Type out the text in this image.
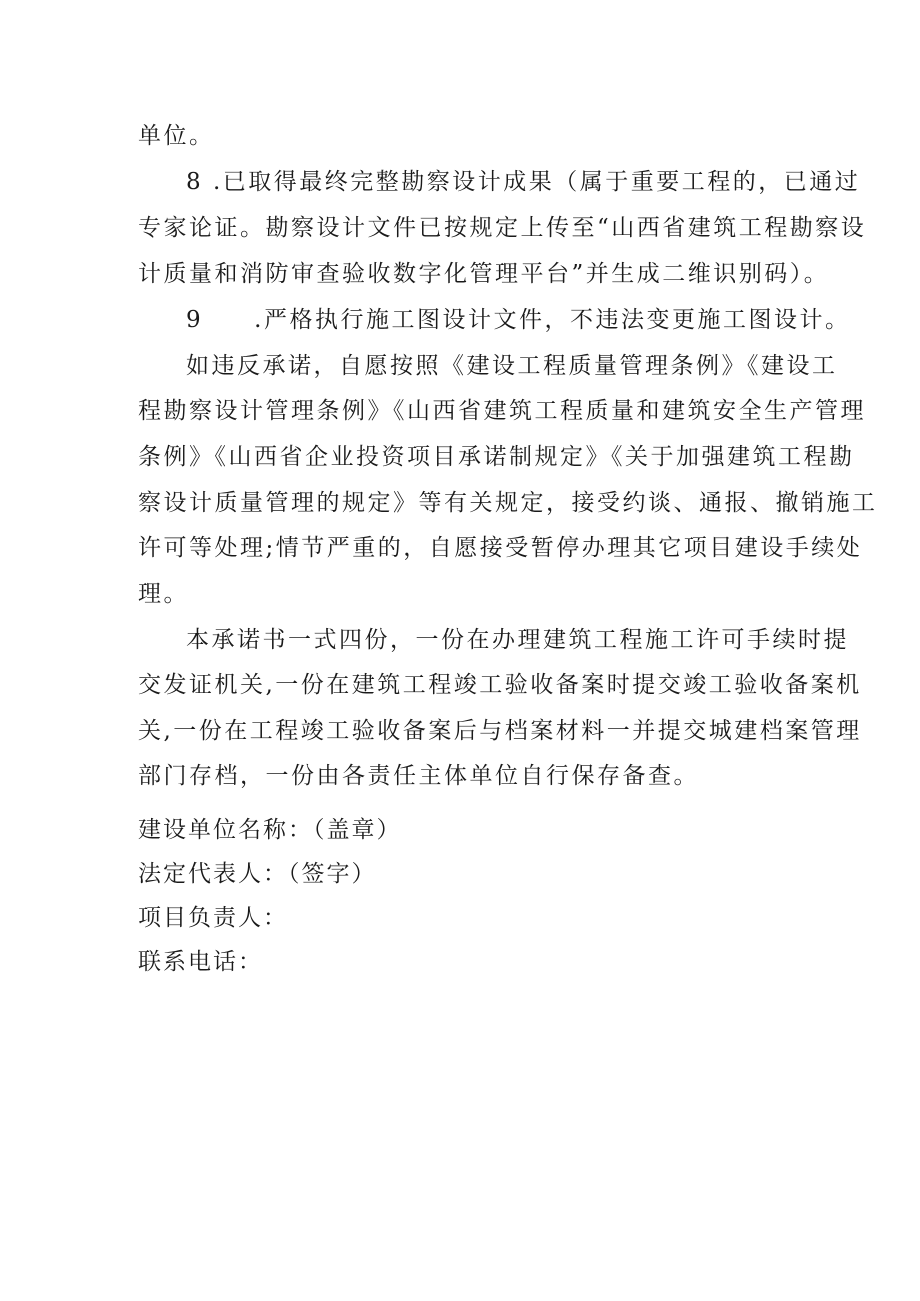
单位。
8 .已取得最终完整勘察设计成果（属于重要工程的，已通过
专家论证。勘察设计文件已按规定上传至“山西省建筑工程勘察设
计质量和消防审查验收数字化管理平台”并生成二维识别码）。
9　　.严格执行施工图设计文件，不违法变更施工图设计。
如违反承诺，自愿按照《建设工程质量管理条例》《建设工
程勘察设计管理条例》《山西省建筑工程质量和建筑安全生产管理
条例》《山西省企业投资项目承诺制规定》《关于加强建筑工程勘
察设计质量管理的规定》等有关规定，接受约谈、通报、撤销施工
许可等处理;情节严重的，自愿接受暂停办理其它项目建设手续处
理。
本承诺书一式四份，一份在办理建筑工程施工许可手续时提
交发证机关,一份在建筑工程竣工验收备案时提交竣工验收备案机
关,一份在工程竣工验收备案后与档案材料一并提交城建档案管理
部门存档，一份由各责任主体单位自行保存备查。
建设单位名称：（盖章）
法定代表人：（签字）
项目负责人：
联系电话：
